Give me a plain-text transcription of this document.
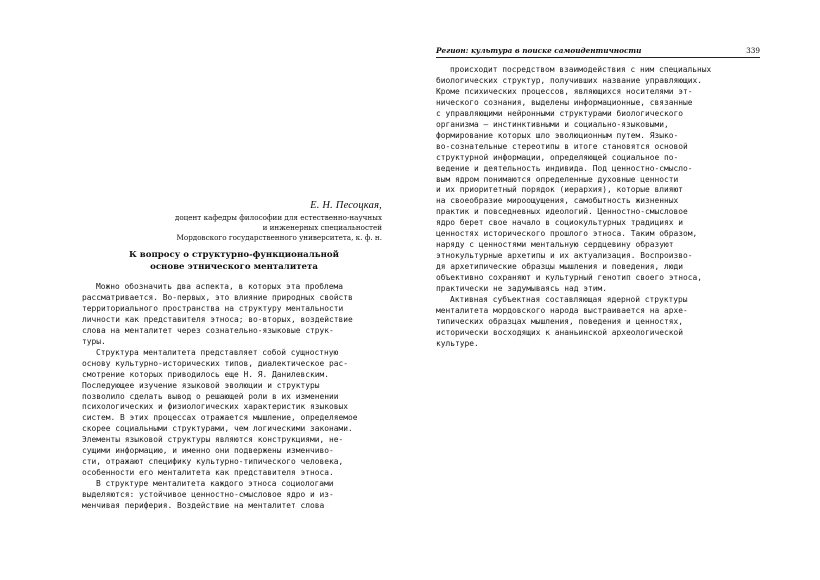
Е. Н. Песоцкая,
доцент кафедры философии для естественно-научных
и инженерных специальностей
Мордовского государственного университета, к. ф. н.
К вопросу о структурно-функциональной
основе этнического менталитета
Можно обозначить два аспекта, в которых эта проблема
рассматривается. Во-первых, это влияние природных свойств
территориального пространства на структуру ментальности
личности как представителя этноса; во-вторых, воздействие
слова на менталитет через сознательно-языковые струк-
туры.
Структура менталитета представляет собой сущностную
основу культурно-исторических типов, диалектическое рас-
смотрение которых приводилось еще Н. Я. Данилевским.
Последующее изучение языковой эволюции и структуры
позволило сделать вывод о решающей роли в их изменении
психологических и физиологических характеристик языковых
систем. В этих процессах отражается мышление, определяемое
скорее социальными структурами, чем логическими законами.
Элементы языковой структуры являются конструкциями, не-
сущими информацию, и именно они подвержены изменчиво-
сти, отражают специфику культурно-типического человека,
особенности его менталитета как представителя этноса.
В структуре менталитета каждого этноса социологами
выделяются: устойчивое ценностно-смысловое ядро и из-
менчивая периферия. Воздействие на менталитет слова
Регион: культура в поиске самоидентичности	339
происходит посредством взаимодействия с ним специальных
биологических структур, получивших название управляющих.
Кроме психических процессов, являющихся носителями эт-
нического сознания, выделены информационные, связанные
с управляющими нейронными структурами биологического
организма — инстинктивными и социально-языковыми,
формирование которых шло эволюционным путем. Языко-
во-сознательные стереотипы в итоге становятся основой
структурной информации, определяющей социальное по-
ведение и деятельность индивида. Под ценностно-смысло-
вым ядром понимаются определенные духовные ценности
и их приоритетный порядок (иерархия), которые влияют
на своеобразие мироощущения, самобытность жизненных
практик и повседневных идеологий. Ценностно-смысловое
ядро берет свое начало в социокультурных традициях и
ценностях исторического прошлого этноса. Таким образом,
наряду с ценностями ментальную сердцевину образуют
этнокультурные архетипы и их актуализация. Воспроизво-
дя архетипические образцы мышления и поведения, люди
объективно сохраняют и культурный генотип своего этноса,
практически не задумываясь над этим.
Активная субъектная составляющая ядерной структуры
менталитета мордовского народа выстраивается на архе-
типических образцах мышления, поведения и ценностях,
исторически восходящих к ананьинской археологической
культуре.
